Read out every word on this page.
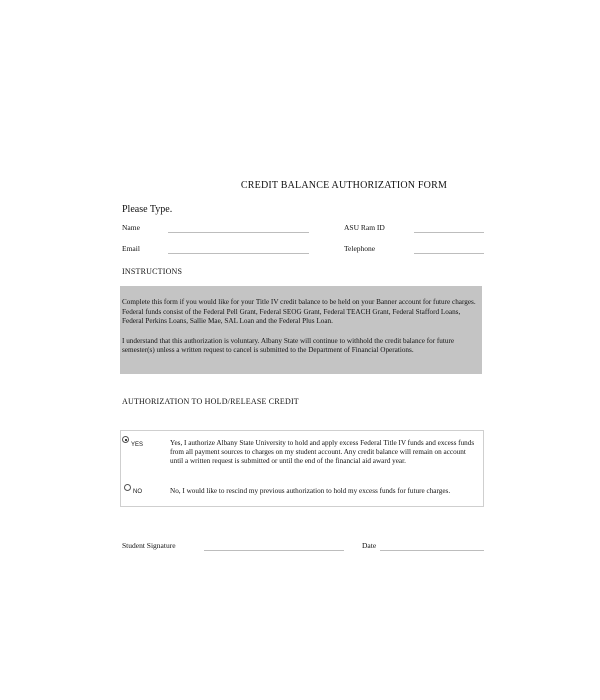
CREDIT BALANCE AUTHORIZATION FORM
Please Type.
Name	ASU Ram ID
Email	Telephone
INSTRUCTIONS

Complete this form if you would like for your Title IV credit balance to be held on your Banner account for future charges. Federal funds consist of the Federal Pell Grant, Federal SEOG Grant, Federal TEACH Grant, Federal Stafford Loans, Federal Perkins Loans, Sallie Mae, SAL Loan and the Federal Plus Loan.

I understand that this authorization is voluntary. Albany State will continue to withhold the credit balance for future semester(s) unless a written request to cancel is submitted to the Department of Financial Operations.

AUTHORIZATION TO HOLD/RELEASE CREDIT
YES	Yes, I authorize Albany State University to hold and apply excess Federal Title IV funds and excess funds from all payment sources to charges on my student account. Any credit balance will remain on account until a written request is submitted or until the end of the financial aid award year.
NO	No, I would like to rescind my previous authorization to hold my excess funds for future charges.
Student Signature	Date
